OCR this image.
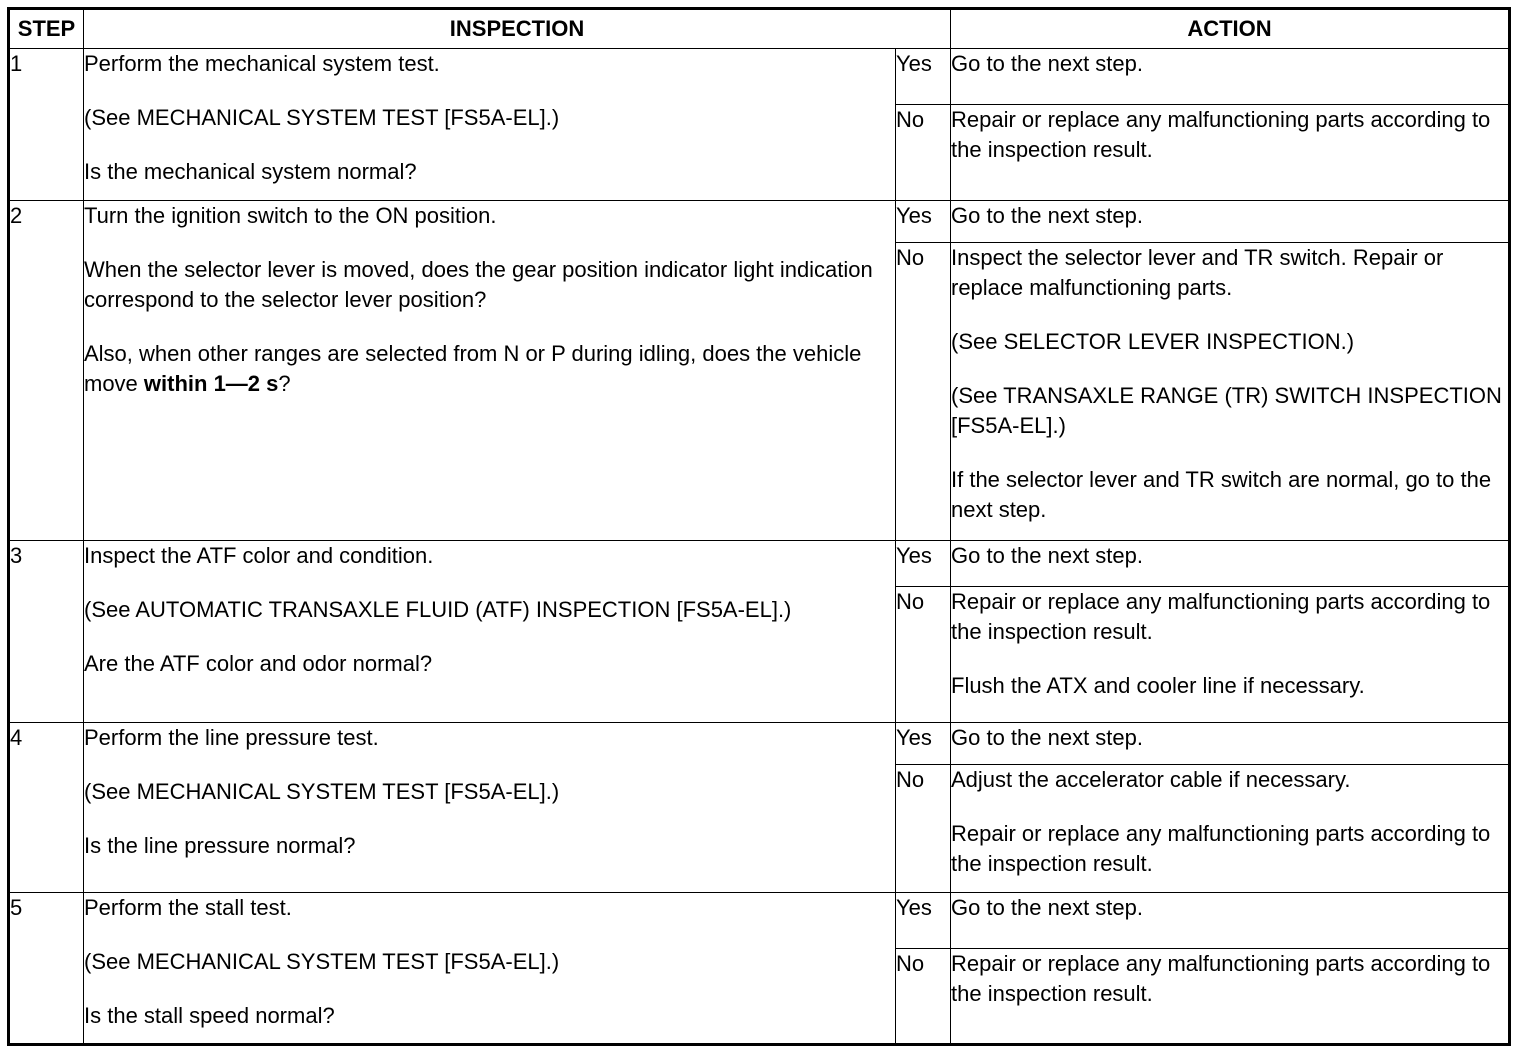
STEP	INSPECTION		ACTION
1	Perform the mechanical system test.

(See MECHANICAL SYSTEM TEST [FS5A-EL].)

Is the mechanical system normal?	Yes	Go to the next step.

		No	Repair or replace any malfunctioning parts according to the inspection result.

2	Turn the ignition switch to the ON position.

When the selector lever is moved, does the gear position indicator light indication correspond to the selector lever position?

Also, when other ranges are selected from N or P during idling, does the vehicle move within 1—2 s?	Yes	Go to the next step.

		No	Inspect the selector lever and TR switch. Repair or replace malfunctioning parts.

(See SELECTOR LEVER INSPECTION.)

(See TRANSAXLE RANGE (TR) SWITCH INSPECTION [FS5A-EL].)

If the selector lever and TR switch are normal, go to the next step.

3	Inspect the ATF color and condition.

(See AUTOMATIC TRANSAXLE FLUID (ATF) INSPECTION [FS5A-EL].)

Are the ATF color and odor normal?	Yes	Go to the next step.

		No	Repair or replace any malfunctioning parts according to the inspection result.

Flush the ATX and cooler line if necessary.

4	Perform the line pressure test.

(See MECHANICAL SYSTEM TEST [FS5A-EL].)

Is the line pressure normal?	Yes	Go to the next step.

		No	Adjust the accelerator cable if necessary.

Repair or replace any malfunctioning parts according to the inspection result.

5	Perform the stall test.

(See MECHANICAL SYSTEM TEST [FS5A-EL].)

Is the stall speed normal?	Yes	Go to the next step.

		No	Repair or replace any malfunctioning parts according to the inspection result.
